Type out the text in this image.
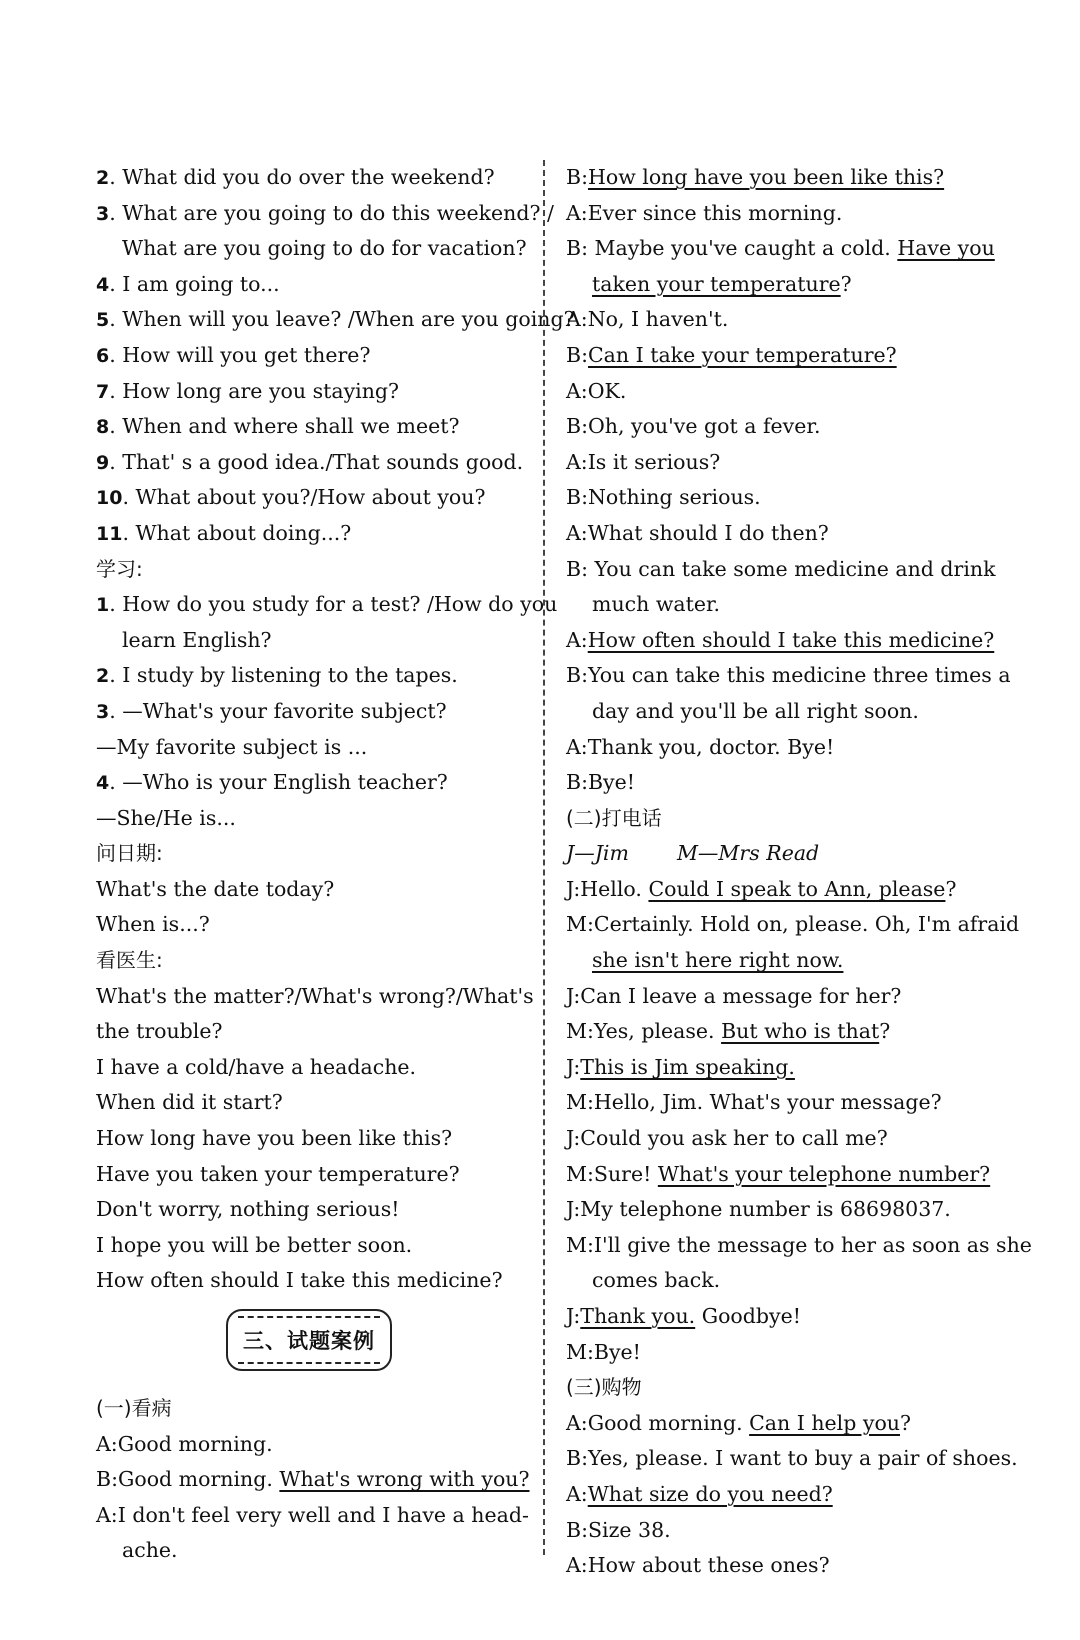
2. What did you do over the weekend?
3. What are you going to do this weekend? /
What are you going to do for vacation?
4. I am going to...
5. When will you leave? /When are you going?
6. How will you get there?
7. How long are you staying?
8. When and where shall we meet?
9. That' s a good idea./That sounds good.
10. What about you?/How about you?
11. What about doing...?
学习:
1. How do you study for a test? /How do you
learn English?
2. I study by listening to the tapes.
3. —What's your favorite subject?
—My favorite subject is ...
4. —Who is your English teacher?
—She/He is...
问日期:
What's the date today?
When is...?
看医生:
What's the matter?/What's wrong?/What's
the trouble?
I have a cold/have a headache.
When did it start?
How long have you been like this?
Have you taken your temperature?
Don't worry, nothing serious!
I hope you will be better soon.
How often should I take this medicine?
三、试题案例
(一)看病
A:Good morning.
B:Good morning. What's wrong with you?
A:I don't feel very well and I have a head-
ache.
B:How long have you been like this?
A:Ever since this morning.
B: Maybe you've caught a cold. Have you
taken your temperature?
A:No, I haven't.
B:Can I take your temperature?
A:OK.
B:Oh, you've got a fever.
A:Is it serious?
B:Nothing serious.
A:What should I do then?
B: You can take some medicine and drink
much water.
A:How often should I take this medicine?
B:You can take this medicine three times a
day and you'll be all right soon.
A:Thank you, doctor. Bye!
B:Bye!
(二)打电话
J—Jim M—Mrs Read
J:Hello. Could I speak to Ann, please?
M:Certainly. Hold on, please. Oh, I'm afraid
she isn't here right now.
J:Can I leave a message for her?
M:Yes, please. But who is that?
J:This is Jim speaking.
M:Hello, Jim. What's your message?
J:Could you ask her to call me?
M:Sure! What's your telephone number?
J:My telephone number is 68698037.
M:I'll give the message to her as soon as she
comes back.
J:Thank you. Goodbye!
M:Bye!
(三)购物
A:Good morning. Can I help you?
B:Yes, please. I want to buy a pair of shoes.
A:What size do you need?
B:Size 38.
A:How about these ones?
